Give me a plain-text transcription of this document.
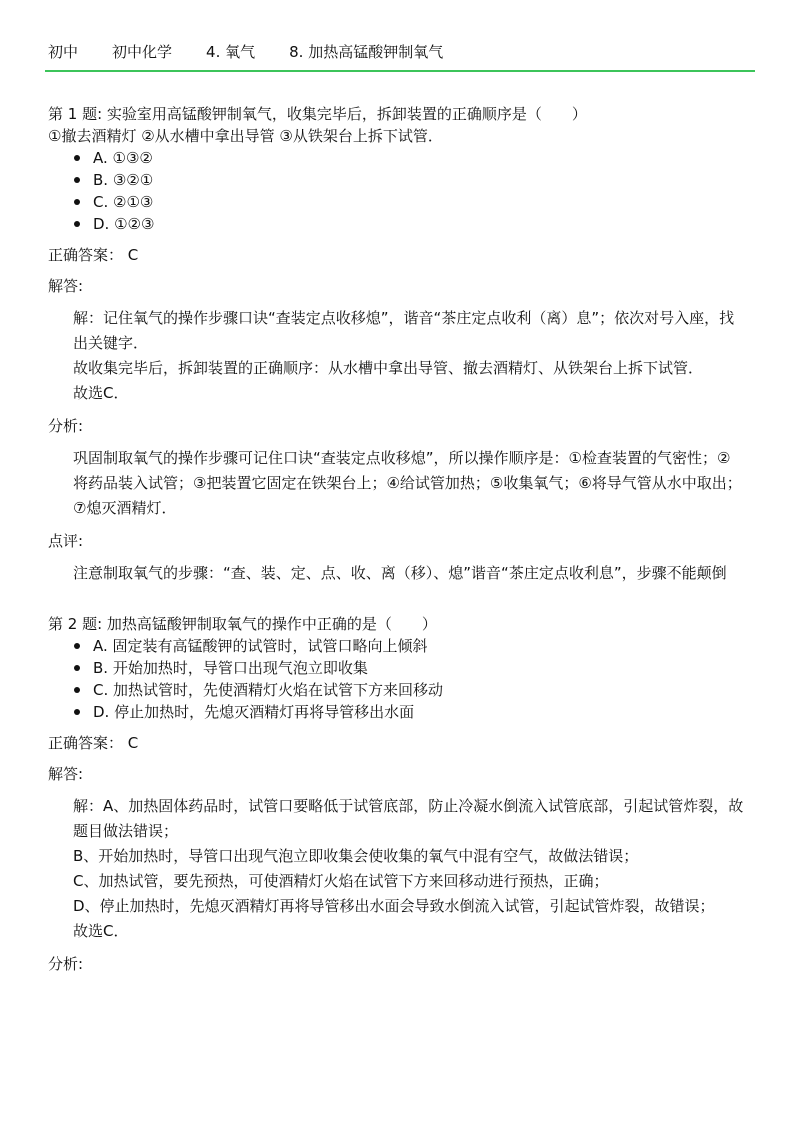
初中 初中化学 4. 氧气 8. 加热高锰酸钾制氧气
第 1 题: 实验室用高锰酸钾制氧气，收集完毕后，拆卸装置的正确顺序是（　　）
①撤去酒精灯 ②从水槽中拿出导管 ③从铁架台上拆下试管．
A. ①③②
B. ③②①
C. ②①③
D. ①②③
正确答案： C
解答:

解：记住氧气的操作步骤口诀“查装定点收移熄”，谐音“茶庄定点收利（离）息”；依次对号入座，找出关键字．

故收集完毕后，拆卸装置的正确顺序：从水槽中拿出导管、撤去酒精灯、从铁架台上拆下试管．

故选C．

分析:

巩固制取氧气的操作步骤可记住口诀“查装定点收移熄”，所以操作顺序是：①检查装置的气密性；②将药品装入试管；③把装置它固定在铁架台上；④给试管加热；⑤收集氧气；⑥将导气管从水中取出；⑦熄灭酒精灯．

点评:

注意制取氧气的步骤：“查、装、定、点、收、离（移）、熄”谐音“茶庄定点收利息”，步骤不能颠倒

第 2 题: 加热高锰酸钾制取氧气的操作中正确的是（　　）
A. 固定装有高锰酸钾的试管时，试管口略向上倾斜
B. 开始加热时，导管口出现气泡立即收集
C. 加热试管时，先使酒精灯火焰在试管下方来回移动
D. 停止加热时，先熄灭酒精灯再将导管移出水面
正确答案： C
解答:

解：A、加热固体药品时，试管口要略低于试管底部，防止冷凝水倒流入试管底部，引起试管炸裂，故题目做法错误；

B、开始加热时，导管口出现气泡立即收集会使收集的氧气中混有空气，故做法错误；

C、加热试管，要先预热，可使酒精灯火焰在试管下方来回移动进行预热，正确；

D、停止加热时，先熄灭酒精灯再将导管移出水面会导致水倒流入试管，引起试管炸裂，故错误；

故选C．

分析:
